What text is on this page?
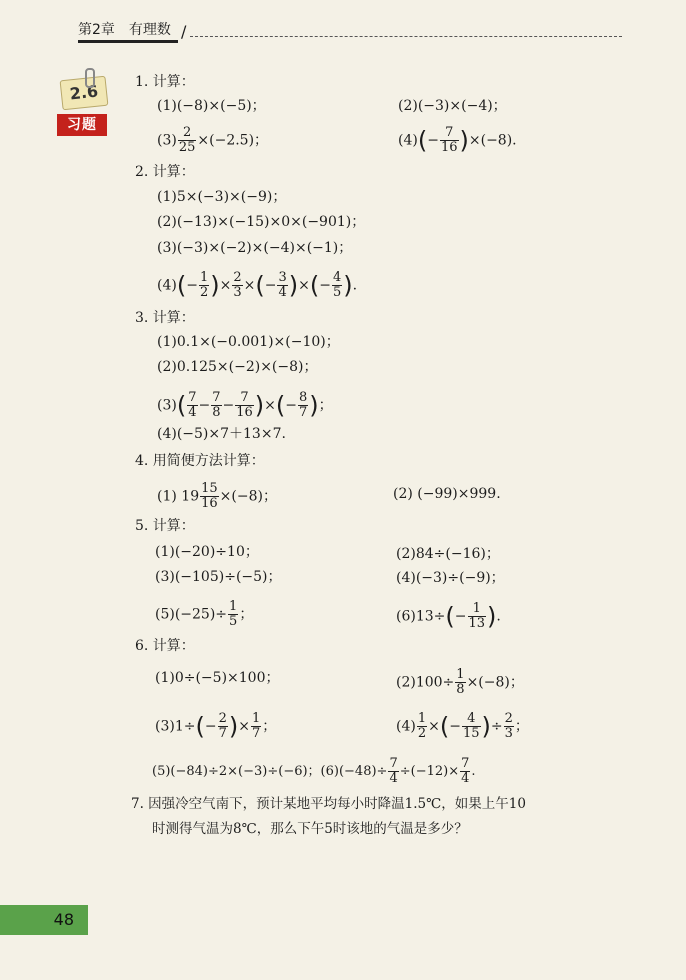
第2章　有理数 /
2.6
习题
1. 计算：
(1)(−8)×(−5)；	(2)(−3)×(−4)；
$(3) \frac{2}{25} \times(-2.5)$；	$(4)(- \frac{7}{16} )\times(-8)$.
2. 计算：
(1)5×(−3)×(−9)；
(2)(−13)×(−15)×0×(−901)；
(3)(−3)×(−2)×(−4)×(−1)；
$(4)(- \frac{1}{2}$ )× $\frac{2}{3}$ ×(− $\frac{3}{4}$ )×(− $\frac{4}{5}$ ).
3. 计算：
(1)0.1×(−0.001)×(−10)；
(2)0.125×(−2)×(−8)；
$(3)( \frac{7}{4} - \frac{7}{8} - \frac{7}{16}$ )×(− $\frac{8}{7}$ )；
(4)(−5)×7＋13×7.
4. 用简便方法计算：
(1) $19 \frac{15}{16} \times(-8)$；	(2) (−99)×999.
5. 计算：
(1)(−20)÷10；	(2)84÷(−16)；
(3)(−105)÷(−5)；	(4)(−3)÷(−9)；
$(5)(-25)\div \frac{1}{5}$ ；	$(6)13\div(- \frac{1}{13}$ ).
6. 计算：
(1)0÷(−5)×100；	$(2)100\div \frac{1}{8} \times(-8)$；
$(3)1\div(- \frac{2}{7}$ )× $\frac{1}{7}$ ；	$(4) \frac{1}{2}$ ×(− $\frac{4}{15}$ )÷ $\frac{2}{3}$ ；
(5)(−84)÷2×(−3)÷(−6)；$(6)(-48)\div \frac{7}{4} \div(-12)\times \frac{7}{4}$ .
7. 因强冷空气南下，预计某地平均每小时降温1.5℃，如果上午10
时测得气温为8℃，那么下午5时该地的气温是多少？
48
